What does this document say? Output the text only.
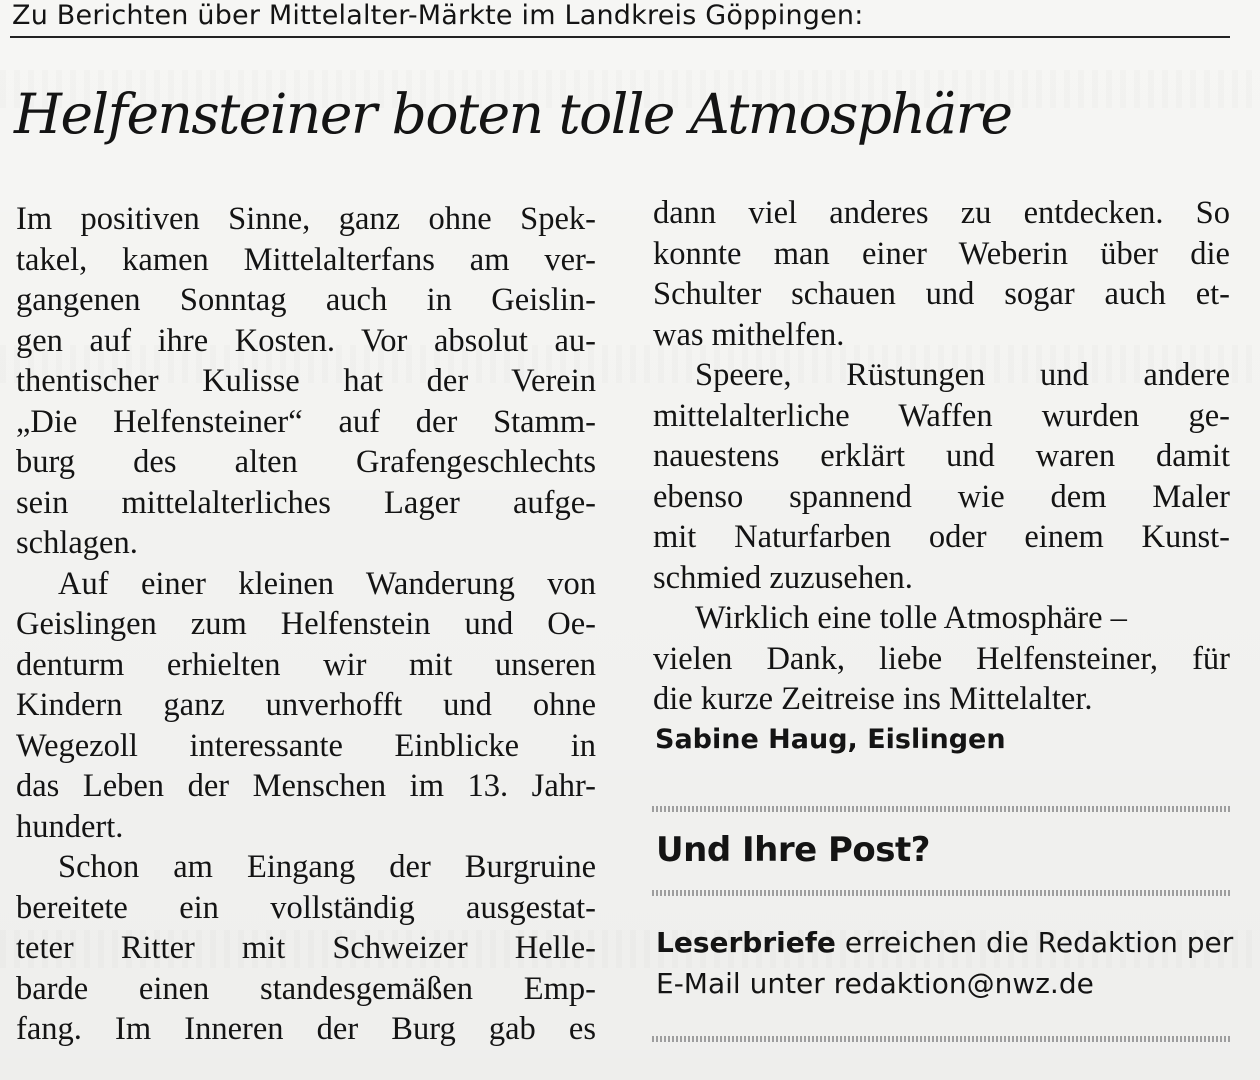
Zu Berichten über Mittelalter-Märkte im Landkreis Göppingen:
Helfensteiner boten tolle Atmosphäre
Im positiven Sinne, ganz ohne Spek-
takel, kamen Mittelalterfans am ver-
gangenen Sonntag auch in Geislin-
gen auf ihre Kosten. Vor absolut au-
thentischer Kulisse hat der Verein
„Die Helfensteiner“ auf der Stamm-
burg des alten Grafengeschlechts
sein mittelalterliches Lager aufge-
schlagen.
Auf einer kleinen Wanderung von
Geislingen zum Helfenstein und Oe-
denturm erhielten wir mit unseren
Kindern ganz unverhofft und ohne
Wegezoll interessante Einblicke in
das Leben der Menschen im 13. Jahr-
hundert.
Schon am Eingang der Burgruine
bereitete ein vollständig ausgestat-
teter Ritter mit Schweizer Helle-
barde einen standesgemäßen Emp-
fang. Im Inneren der Burg gab es
dann viel anderes zu entdecken. So
konnte man einer Weberin über die
Schulter schauen und sogar auch et-
was mithelfen.
Speere, Rüstungen und andere
mittelalterliche Waffen wurden ge-
nauestens erklärt und waren damit
ebenso spannend wie dem Maler
mit Naturfarben oder einem Kunst-
schmied zuzusehen.
Wirklich eine tolle Atmosphäre –
vielen Dank, liebe Helfensteiner, für
die kurze Zeitreise ins Mittelalter.
Sabine Haug, Eislingen
Und Ihre Post?
Leserbriefe erreichen die Redaktion per
E-Mail unter redaktion@nwz.de
